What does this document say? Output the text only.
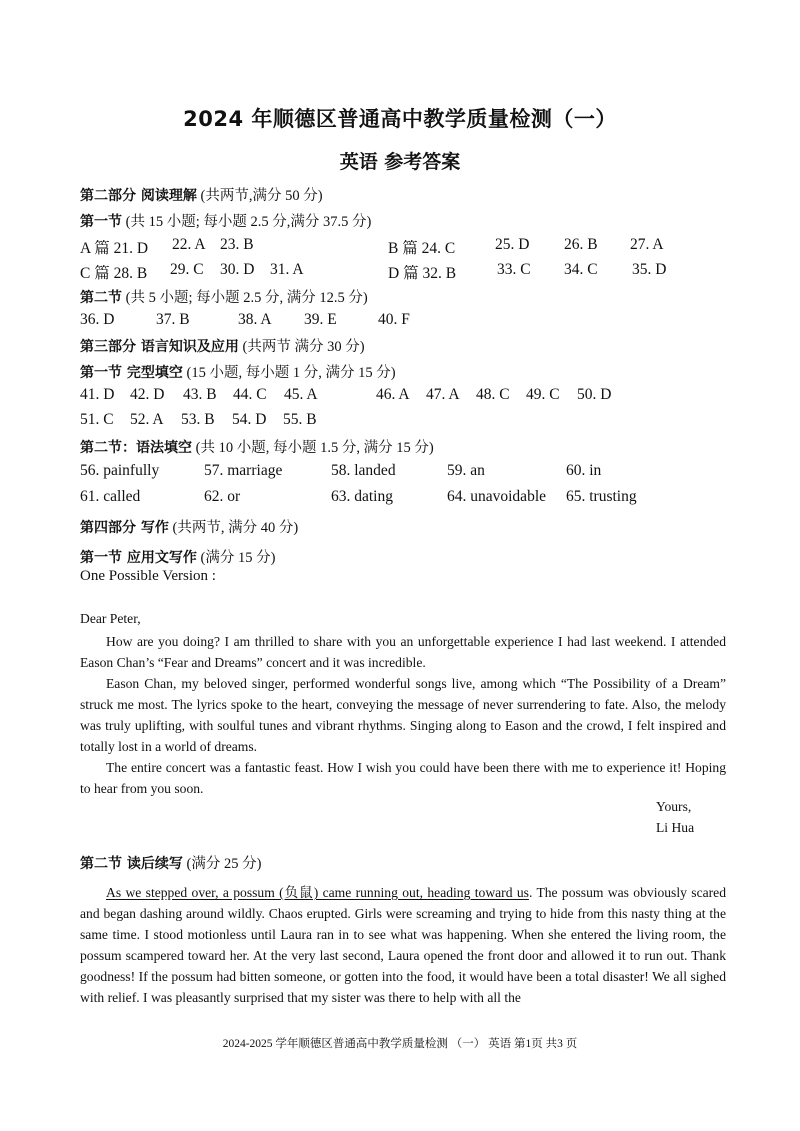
2024 年顺德区普通高中教学质量检测（一）
英语 参考答案
第二部分 阅读理解 (共两节,满分 50 分)
第一节 (共 15 小题; 每小题 2.5 分,满分 37.5 分)
A 篇 21. D 22. A 23. B	B 篇 24. C	25. D 26. B 27. A
C 篇 28. B 29. C 30. D 31. A	D 篇 32. B	33. C 34. C 35. D
第二节 (共 5 小题; 每小题 2.5 分, 满分 12.5 分)
36. D	37. B	38. A 39. E	40. F
第三部分 语言知识及应用 (共两节 满分 30 分)
第一节 完型填空 (15 小题, 每小题 1 分, 满分 15 分)
41. D 42. D 43. B 44. C 45. A	46. A 47. A 48. C 49. C 50. D
51. C 52. A 53. B 54. D 55. B
第二节：语法填空 (共 10 小题, 每小题 1.5 分, 满分 15 分)
56. painfully	57. marriage	58. landed	59. an	60. in
61. called	62. or	63. dating	64. unavoidable 65. trusting
第四部分 写作 (共两节, 满分 40 分)
第一节 应用文写作 (满分 15 分)
One Possible Version :
Dear Peter,

How are you doing? I am thrilled to share with you an unforgettable experience I had last weekend. I attended Eason Chan’s “Fear and Dreams” concert and it was incredible.

Eason Chan, my beloved singer, performed wonderful songs live, among which “The Possibility of a Dream” struck me most. The lyrics spoke to the heart, conveying the message of never surrendering to fate. Also, the melody was truly uplifting, with soulful tunes and vibrant rhythms. Singing along to Eason and the crowd, I felt inspired and totally lost in a world of dreams.

The entire concert was a fantastic feast. How I wish you could have been there with me to experience it! Hoping to hear from you soon.

Yours,
Li Hua
第二节 读后续写 (满分 25 分)

As we stepped over, a possum (负鼠) came running out, heading toward us. The possum was obviously scared and began dashing around wildly. Chaos erupted. Girls were screaming and trying to hide from this nasty thing at the same time. I stood motionless until Laura ran in to see what was happening. When she entered the living room, the possum scampered toward her. At the very last second, Laura opened the front door and allowed it to run out. Thank goodness! If the possum had bitten someone, or gotten into the food, it would have been a total disaster! We all sighed with relief. I was pleasantly surprised that my sister was there to help with all the

2024-2025 学年顺德区普通高中教学质量检测 （一） 英语 第1页 共3 页
